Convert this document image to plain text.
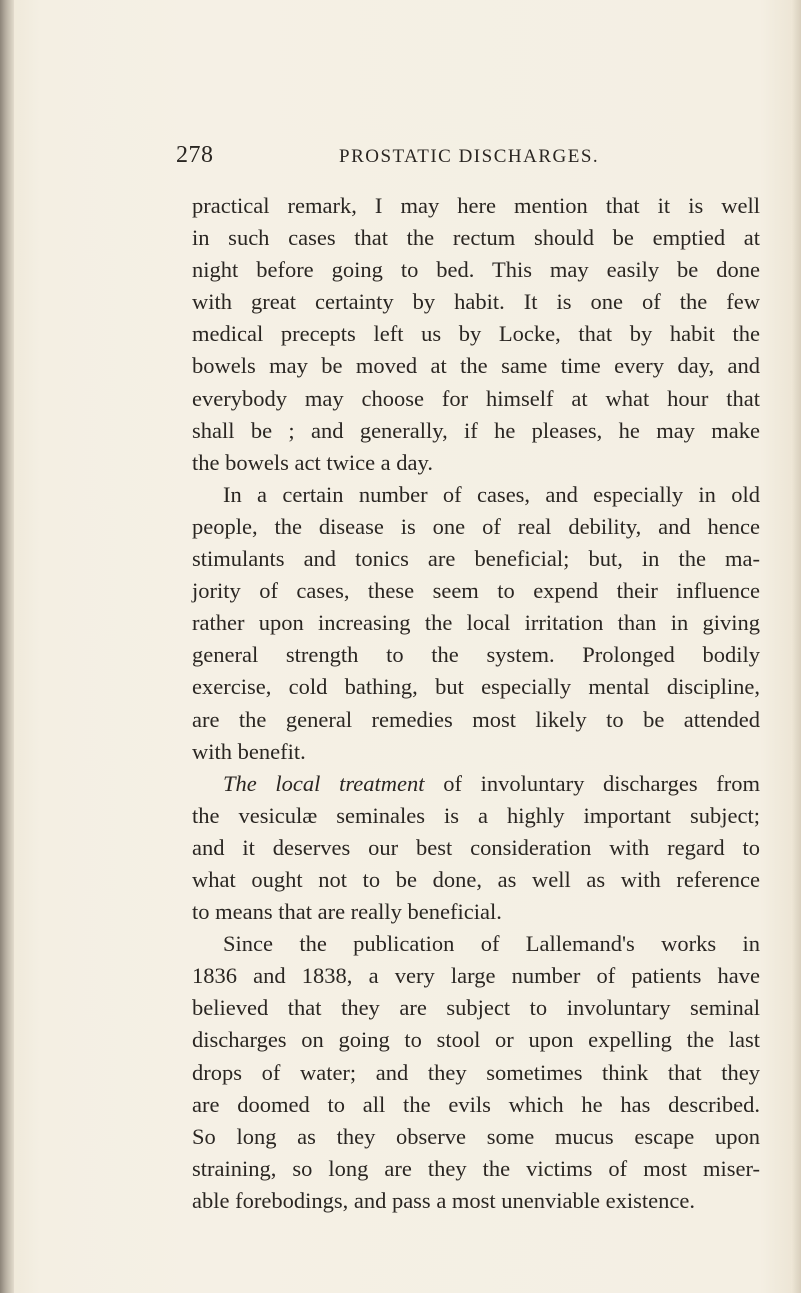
278	PROSTATIC DISCHARGES.
practical remark, I may here mention that it is well
in such cases that the rectum should be emptied at
night before going to bed. This may easily be done
with great certainty by habit. It is one of the few
medical precepts left us by Locke, that by habit the
bowels may be moved at the same time every day, and
everybody may choose for himself at what hour that
shall be ; and generally, if he pleases, he may make
the bowels act twice a day.
In a certain number of cases, and especially in old
people, the disease is one of real debility, and hence
stimulants and tonics are beneficial; but, in the ma-
jority of cases, these seem to expend their influence
rather upon increasing the local irritation than in giving
general strength to the system. Prolonged bodily
exercise, cold bathing, but especially mental discipline,
are the general remedies most likely to be attended
with benefit.
The local treatment of involuntary discharges from
the vesiculæ seminales is a highly important subject;
and it deserves our best consideration with regard to
what ought not to be done, as well as with reference
to means that are really beneficial.
Since the publication of Lallemand's works in
1836 and 1838, a very large number of patients have
believed that they are subject to involuntary seminal
discharges on going to stool or upon expelling the last
drops of water; and they sometimes think that they
are doomed to all the evils which he has described.
So long as they observe some mucus escape upon
straining, so long are they the victims of most miser-
able forebodings, and pass a most unenviable existence.
